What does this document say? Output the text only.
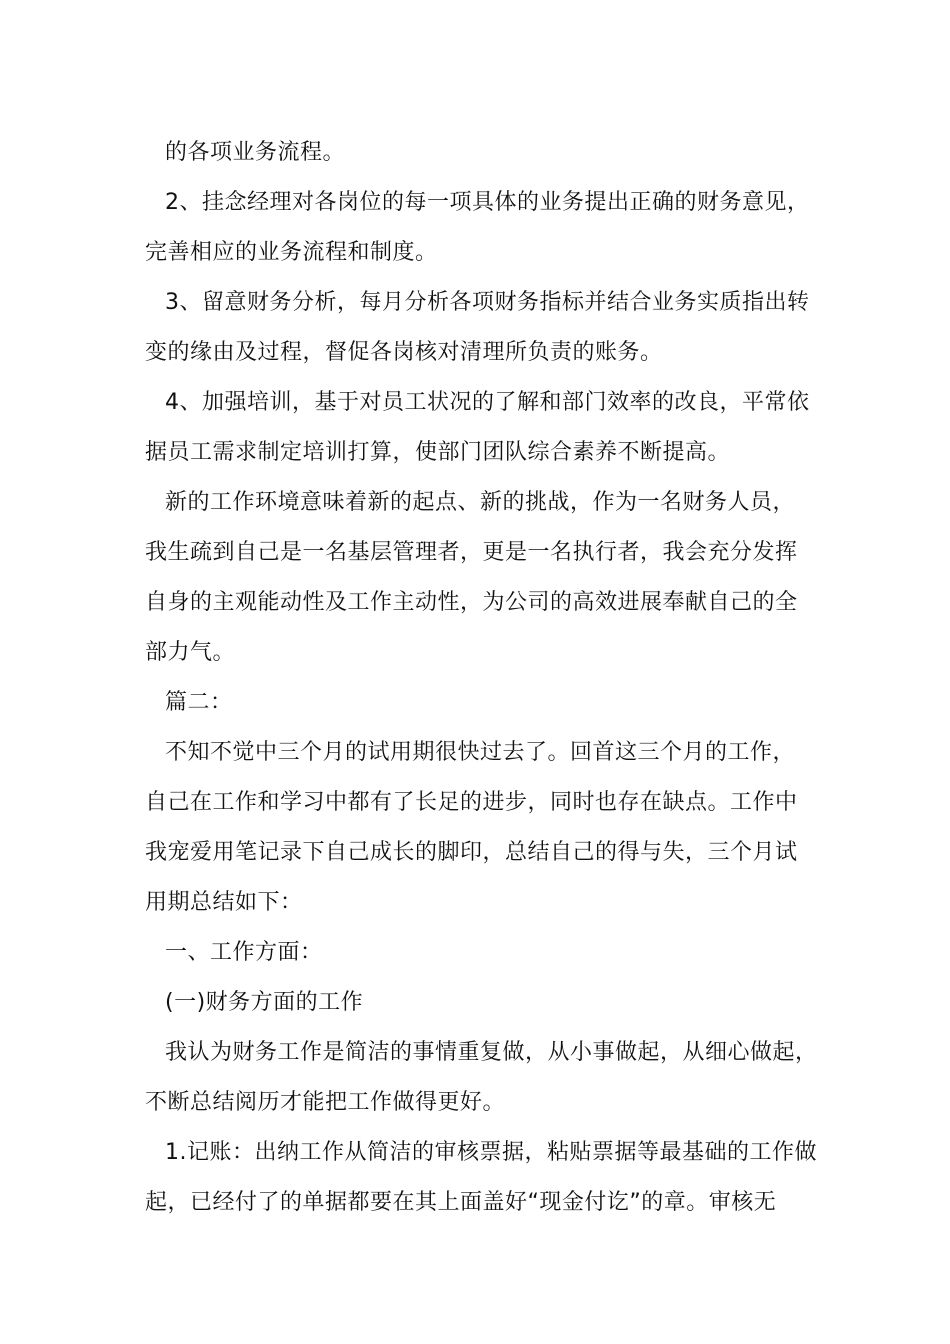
的各项业务流程。
2、挂念经理对各岗位的每一项具体的业务提出正确的财务意见，
完善相应的业务流程和制度。
3、留意财务分析，每月分析各项财务指标并结合业务实质指出转
变的缘由及过程，督促各岗核对清理所负责的账务。
4、加强培训，基于对员工状况的了解和部门效率的改良，平常依
据员工需求制定培训打算，使部门团队综合素养不断提高。
新的工作环境意味着新的起点、新的挑战，作为一名财务人员，
我生疏到自己是一名基层管理者，更是一名执行者，我会充分发挥
自身的主观能动性及工作主动性，为公司的高效进展奉献自己的全
部力气。
篇二：
不知不觉中三个月的试用期很快过去了。回首这三个月的工作，
自己在工作和学习中都有了长足的进步，同时也存在缺点。工作中
我宠爱用笔记录下自己成长的脚印，总结自己的得与失，三个月试
用期总结如下：
一、工作方面：
(一)财务方面的工作
我认为财务工作是简洁的事情重复做，从小事做起，从细心做起，
不断总结阅历才能把工作做得更好。
1.记账：出纳工作从简洁的审核票据，粘贴票据等最基础的工作做
起，已经付了的单据都要在其上面盖好“现金付讫”的章。审核无
